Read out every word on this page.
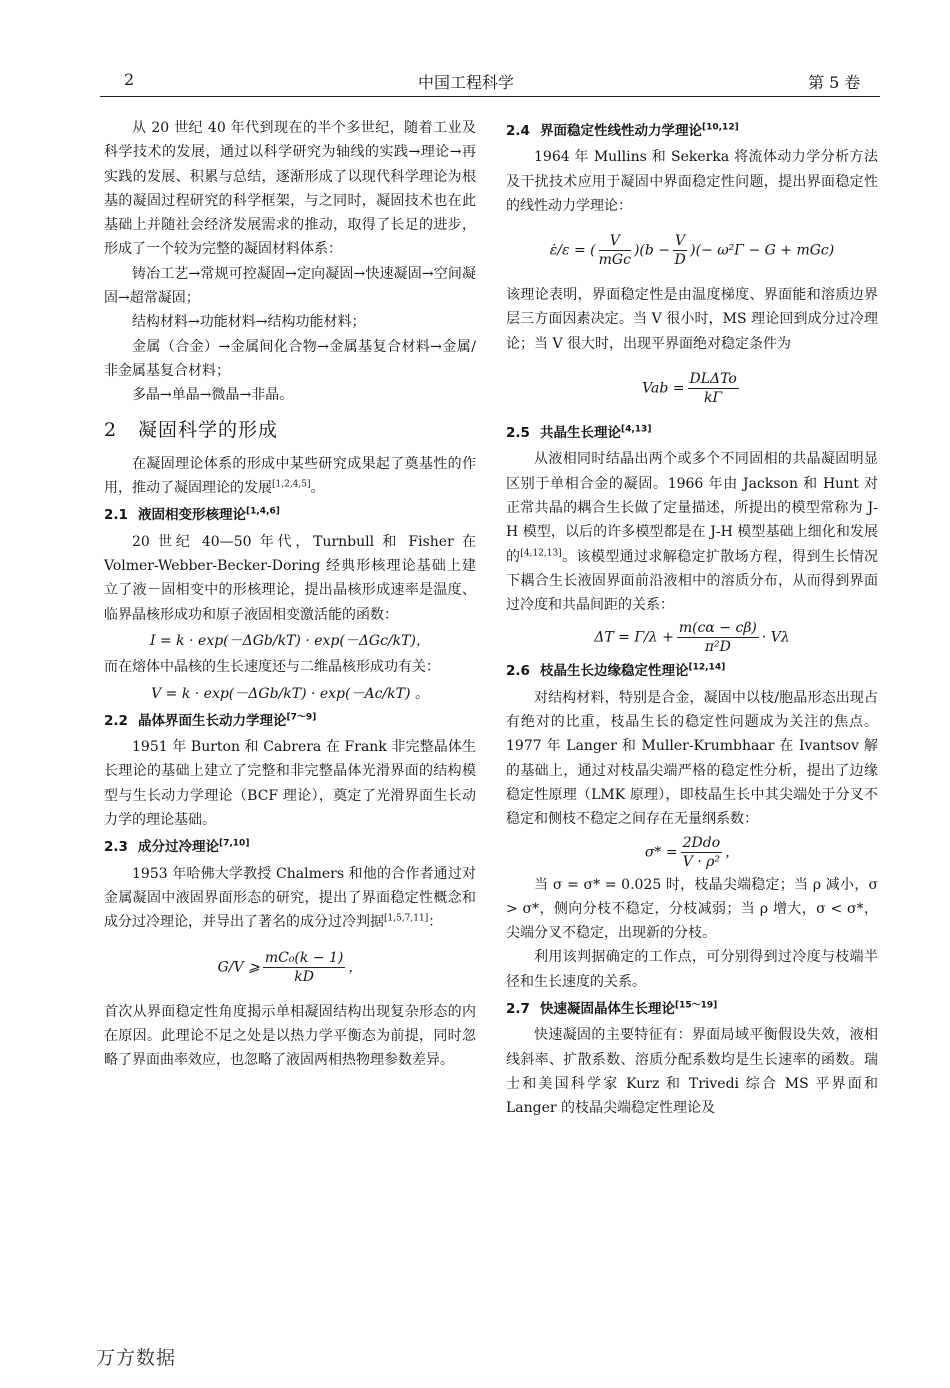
2	中国工程科学	第 5 卷

从 20 世纪 40 年代到现在的半个多世纪，随着工业及科学技术的发展，通过以科学研究为轴线的实践→理论→再实践的发展、积累与总结，逐渐形成了以现代科学理论为根基的凝固过程研究的科学框架，与之同时，凝固技术也在此基础上并随社会经济发展需求的推动，取得了长足的进步，形成了一个较为完整的凝固材料体系：

铸冶工艺→常规可控凝固→定向凝固→快速凝固→空间凝固→超常凝固；

结构材料→功能材料→结构功能材料；

金属（合金）→金属间化合物→金属基复合材料→金属/非金属基复合材料；

多晶→单晶→微晶→非晶。

2 凝固科学的形成

在凝固理论体系的形成中某些研究成果起了奠基性的作用，推动了凝固理论的发展[1,2,4,5]。

2.1 液固相变形核理论[1,4,6]

20 世纪 40—50 年代，Turnbull 和 Fisher 在 Volmer-Webber-Becker-Doring 经典形核理论基础上建立了液－固相变中的形核理论，提出晶核形成速率是温度、临界晶核形成功和原子液固相变激活能的函数：

I = k · exp(－ΔGb/kT) · exp(－ΔGc/kT)，

而在熔体中晶核的生长速度还与二维晶核形成功有关：

V = k · exp(－ΔGb/kT) · exp(－Ac/kT) 。
2.2 晶体界面生长动力学理论[7～9]

1951 年 Burton 和 Cabrera 在 Frank 非完整晶体生长理论的基础上建立了完整和非完整晶体光滑界面的结构模型与生长动力学理论（BCF 理论），奠定了光滑界面生长动力学的理论基础。

2.3 成分过冷理论[7,10]

1953 年哈佛大学教授 Chalmers 和他的合作者通过对金属凝固中液固界面形态的研究，提出了界面稳定性概念和成分过冷理论，并导出了著名的成分过冷判据[1,5,7,11]：

G/V ⩾ $\frac{\text{mC₀(k − 1)}}{kD}$ ，

首次从界面稳定性角度揭示单相凝固结构出现复杂形态的内在原因。此理论不足之处是以热力学平衡态为前提，同时忽略了界面曲率效应，也忽略了液固两相热物理参数差异。

2.4 界面稳定性线性动力学理论[10,12]

1964 年 Mullins 和 Sekerka 将流体动力学分析方法及干扰技术应用于凝固中界面稳定性问题，提出界面稳定性的线性动力学理论：

ε̇/ε = ( $\frac{V}{\text{mGc}} )(b - \frac{V}{D}$ )(− ω²Γ − G + mGc)

该理论表明，界面稳定性是由温度梯度、界面能和溶质边界层三方面因素决定。当 V 很小时，MS 理论回到成分过冷理论；当 V 很大时，出现平界面绝对稳定条件为

Vab = $\frac{\text{DLΔTo}}{k\Gamma}$
2.5 共晶生长理论[4,13]

从液相同时结晶出两个或多个不同固相的共晶凝固明显区别于单相合金的凝固。1966 年由 Jackson 和 Hunt 对正常共晶的耦合生长做了定量描述，所提出的模型常称为 J-H 模型，以后的许多模型都是在 J-H 模型基础上细化和发展的[4,12,13]。该模型通过求解稳定扩散场方程，得到生长情况下耦合生长液固界面前沿液相中的溶质分布，从而得到界面过冷度和共晶间距的关系：

$\Delta T = \Gamma/\lambda + \frac{m(c\alpha - c\beta)}{\text{π²D}} \cdot V\lambda$
2.6 枝晶生长边缘稳定性理论[12,14]

对结构材料，特别是合金，凝固中以枝/胞晶形态出现占有绝对的比重，枝晶生长的稳定性问题成为关注的焦点。1977 年 Langer 和 Muller-Krumbhaar 在 Ivantsov 解的基础上，通过对枝晶尖端严格的稳定性分析，提出了边缘稳定性原理（LMK 原理），即枝晶生长中其尖端处于分叉不稳定和侧枝不稳定之间存在无量纲系数：

$\sigma* = \frac{\text{2Ddo}}{\text{V · ρ²}}$ ，

当 σ = σ* = 0.025 时，枝晶尖端稳定；当 ρ 减小，σ > σ*，侧向分枝不稳定，分枝减弱；当 ρ 增大，σ < σ*，尖端分叉不稳定，出现新的分枝。

利用该判据确定的工作点，可分别得到过冷度与枝端半径和生长速度的关系。

2.7 快速凝固晶体生长理论[15～19]

快速凝固的主要特征有：界面局域平衡假设失效，液相线斜率、扩散系数、溶质分配系数均是生长速率的函数。瑞士和美国科学家 Kurz 和 Trivedi 综合 MS 平界面和 Langer 的枝晶尖端稳定性理论及

万方数据
